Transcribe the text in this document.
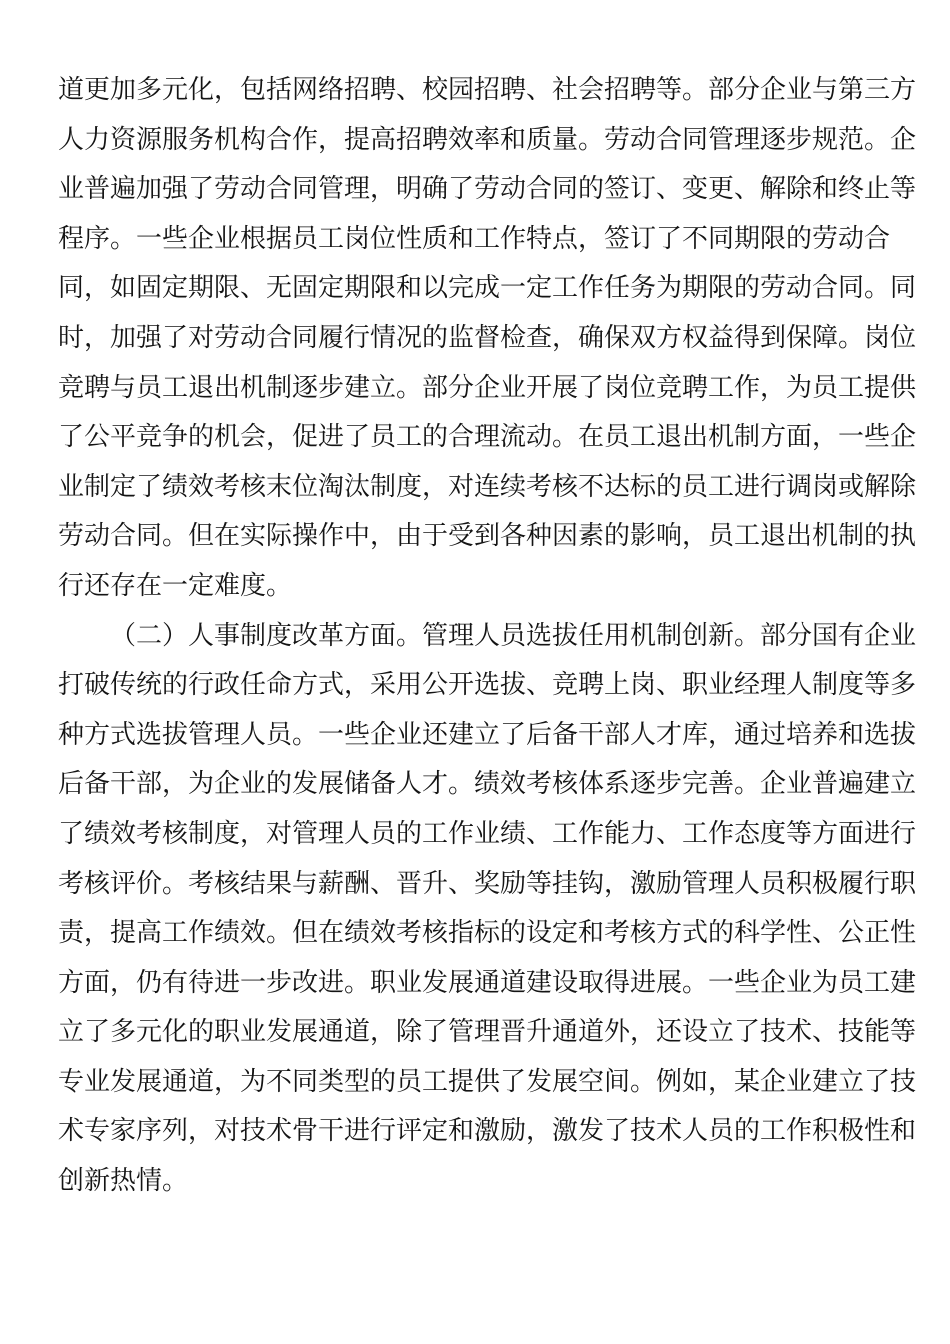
道更加多元化，包括网络招聘、校园招聘、社会招聘等。部分企业与第三方
人力资源服务机构合作，提高招聘效率和质量。劳动合同管理逐步规范。企
业普遍加强了劳动合同管理，明确了劳动合同的签订、变更、解除和终止等
程序。一些企业根据员工岗位性质和工作特点，签订了不同期限的劳动合
同，如固定期限、无固定期限和以完成一定工作任务为期限的劳动合同。同
时，加强了对劳动合同履行情况的监督检查，确保双方权益得到保障。岗位
竞聘与员工退出机制逐步建立。部分企业开展了岗位竞聘工作，为员工提供
了公平竞争的机会，促进了员工的合理流动。在员工退出机制方面，一些企
业制定了绩效考核末位淘汰制度，对连续考核不达标的员工进行调岗或解除
劳动合同。但在实际操作中，由于受到各种因素的影响，员工退出机制的执
行还存在一定难度。
（二）人事制度改革方面。管理人员选拔任用机制创新。部分国有企业
打破传统的行政任命方式，采用公开选拔、竞聘上岗、职业经理人制度等多
种方式选拔管理人员。一些企业还建立了后备干部人才库，通过培养和选拔
后备干部，为企业的发展储备人才。绩效考核体系逐步完善。企业普遍建立
了绩效考核制度，对管理人员的工作业绩、工作能力、工作态度等方面进行
考核评价。考核结果与薪酬、晋升、奖励等挂钩，激励管理人员积极履行职
责，提高工作绩效。但在绩效考核指标的设定和考核方式的科学性、公正性
方面，仍有待进一步改进。职业发展通道建设取得进展。一些企业为员工建
立了多元化的职业发展通道，除了管理晋升通道外，还设立了技术、技能等
专业发展通道，为不同类型的员工提供了发展空间。例如，某企业建立了技
术专家序列，对技术骨干进行评定和激励，激发了技术人员的工作积极性和
创新热情。
